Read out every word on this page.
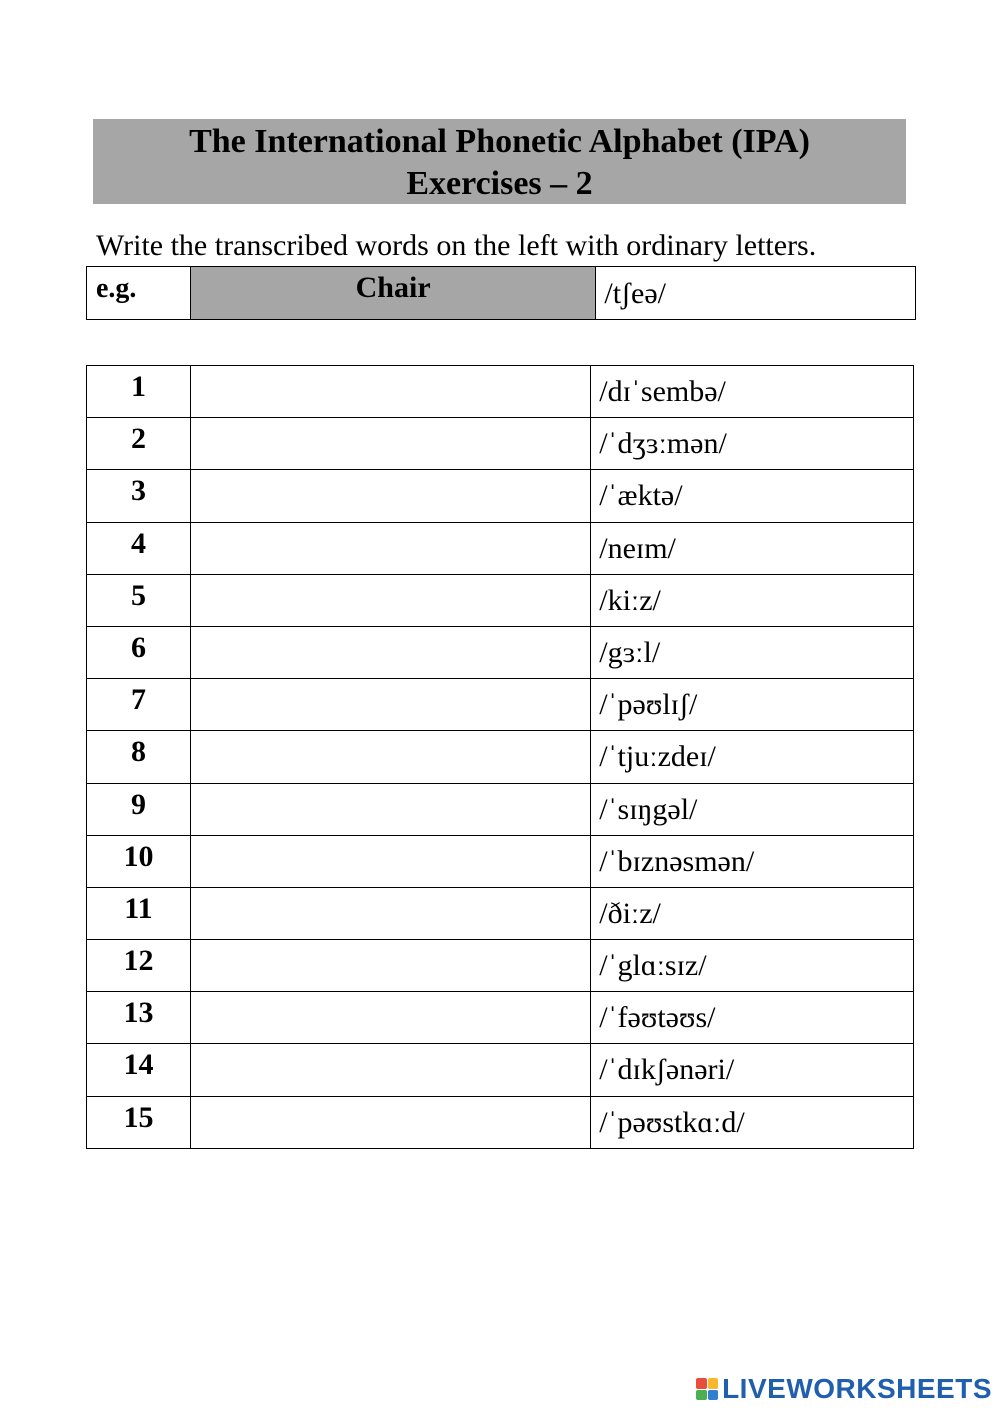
The International Phonetic Alphabet (IPA)
Exercises – 2
Write the transcribed words on the left with ordinary letters.
e.g.	Chair	/tʃeə/
1		/dɪˈsembə/
2		/ˈdʒɜːmən/
3		/ˈæktə/
4		/neɪm/
5		/kiːz/
6		/gɜːl/
7		/ˈpəʊlɪʃ/
8		/ˈtjuːzdeɪ/
9		/ˈsɪŋgəl/
10		/ˈbɪznəsmən/
11		/ðiːz/
12		/ˈglɑːsɪz/
13		/ˈfəʊtəʊs/
14		/ˈdɪkʃənəri/
15		/ˈpəʊstkɑːd/
LIVEWORKSHEETS
